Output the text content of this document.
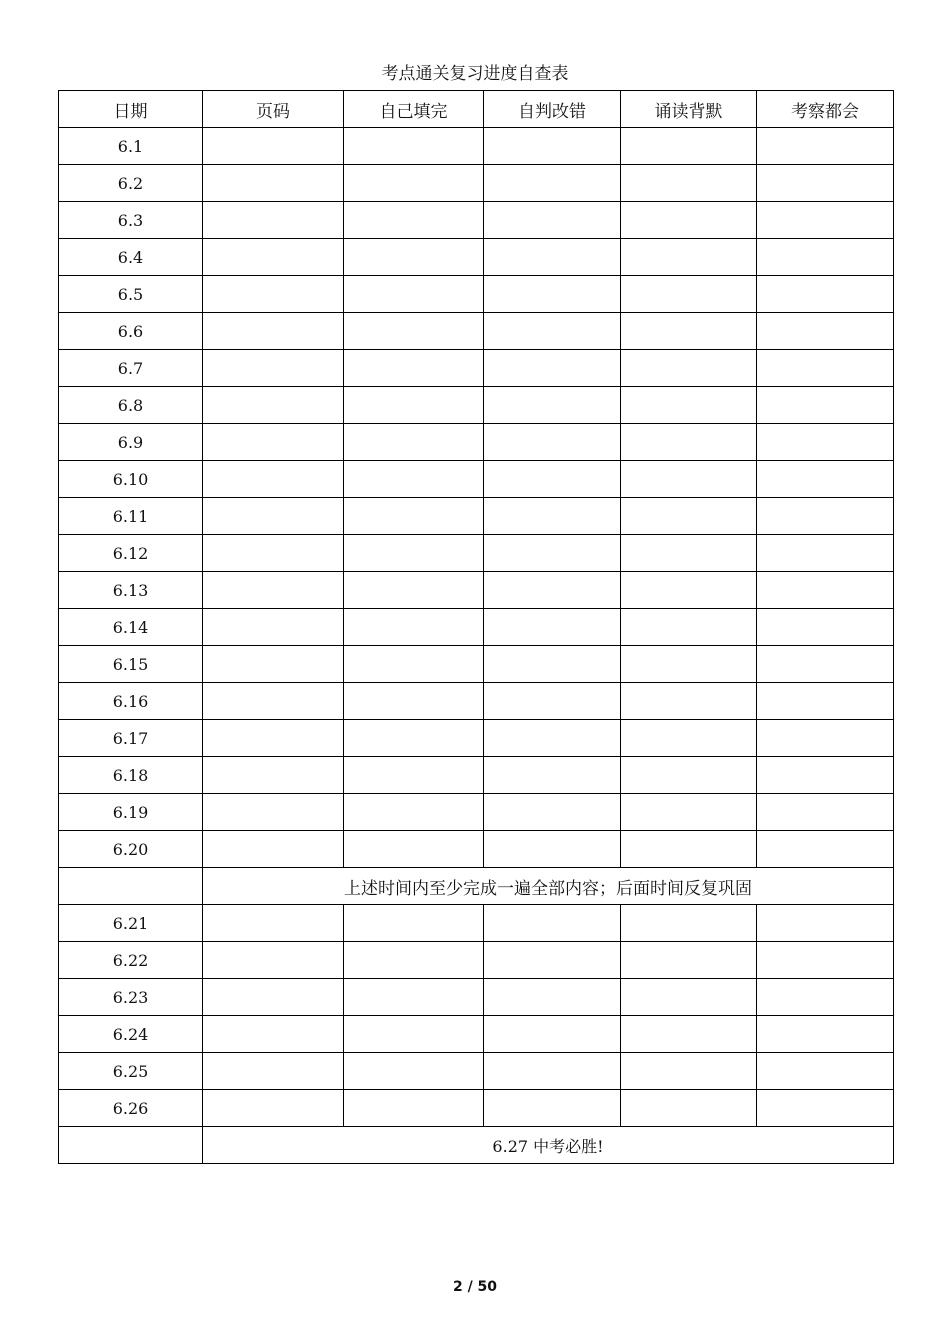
考点通关复习进度自查表
日期	页码	自己填完	自判改错	诵读背默	考察都会
6.1					
6.2					
6.3					
6.4					
6.5					
6.6					
6.7					
6.8					
6.9					
6.10					
6.11					
6.12					
6.13					
6.14					
6.15					
6.16					
6.17					
6.18					
6.19					
6.20					
	上述时间内至少完成一遍全部内容；后面时间反复巩固				
6.21					
6.22					
6.23					
6.24					
6.25					
6.26					
	6.27 中考必胜!				
2 / 50
